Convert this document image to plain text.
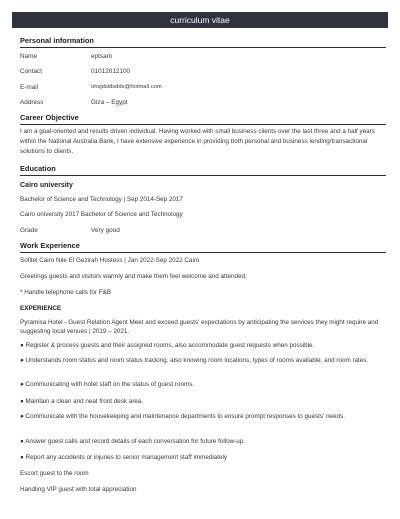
curriculum vitae
Personal information
Name	eptsam
Contact	01012012100
E-mail	ohsjdsldsdds@hotmail.com
Address	Giza – Egypt
Career Objective
I am a goal-oriented and results driven individual. Having worked with small business clients over the last three and a half years within the National Australia Bank, I have extensive experience in providing both personal and business lending/transactional solutions to clients.
Education
Cairo university
Bachelor of Science and Technology | Sep 2014-Sep 2017
Cairo university 2017 Bachelor of Science and Technology
Grade	Very good
Work Experience
Sofitel Cairo Nile El Gezirah Hostess | Jan 2022-Sep 2022 Cairo
Greetings guests and visitors warmly and make them feel welcome and attended.
* Handle telephone calls for F&B
EXPERIENCE
Pyramisa Hotel - Guest Relation Agent Meet and exceed guests' expectations by anticipating the services they might require and suggesting local venues | 2019 – 2021.
● Register & process guests and their assigned rooms, also accommodate guest requests when possible.
● Understands room status and room status tracking, also knowing room locations, types of rooms available, and room rates.
● Communicating with hotel staff on the status of guest rooms.
● Maintain a clean and neat front desk area.
● Communicate with the housekeeping and maintenance departments to ensure prompt responses to guests' needs.
● Answer guest calls and record details of each conversation for future follow-up.
● Report any accidents or injuries to senior management staff immediately
Escort guest to the room
Handling VIP guest with total appreciation
